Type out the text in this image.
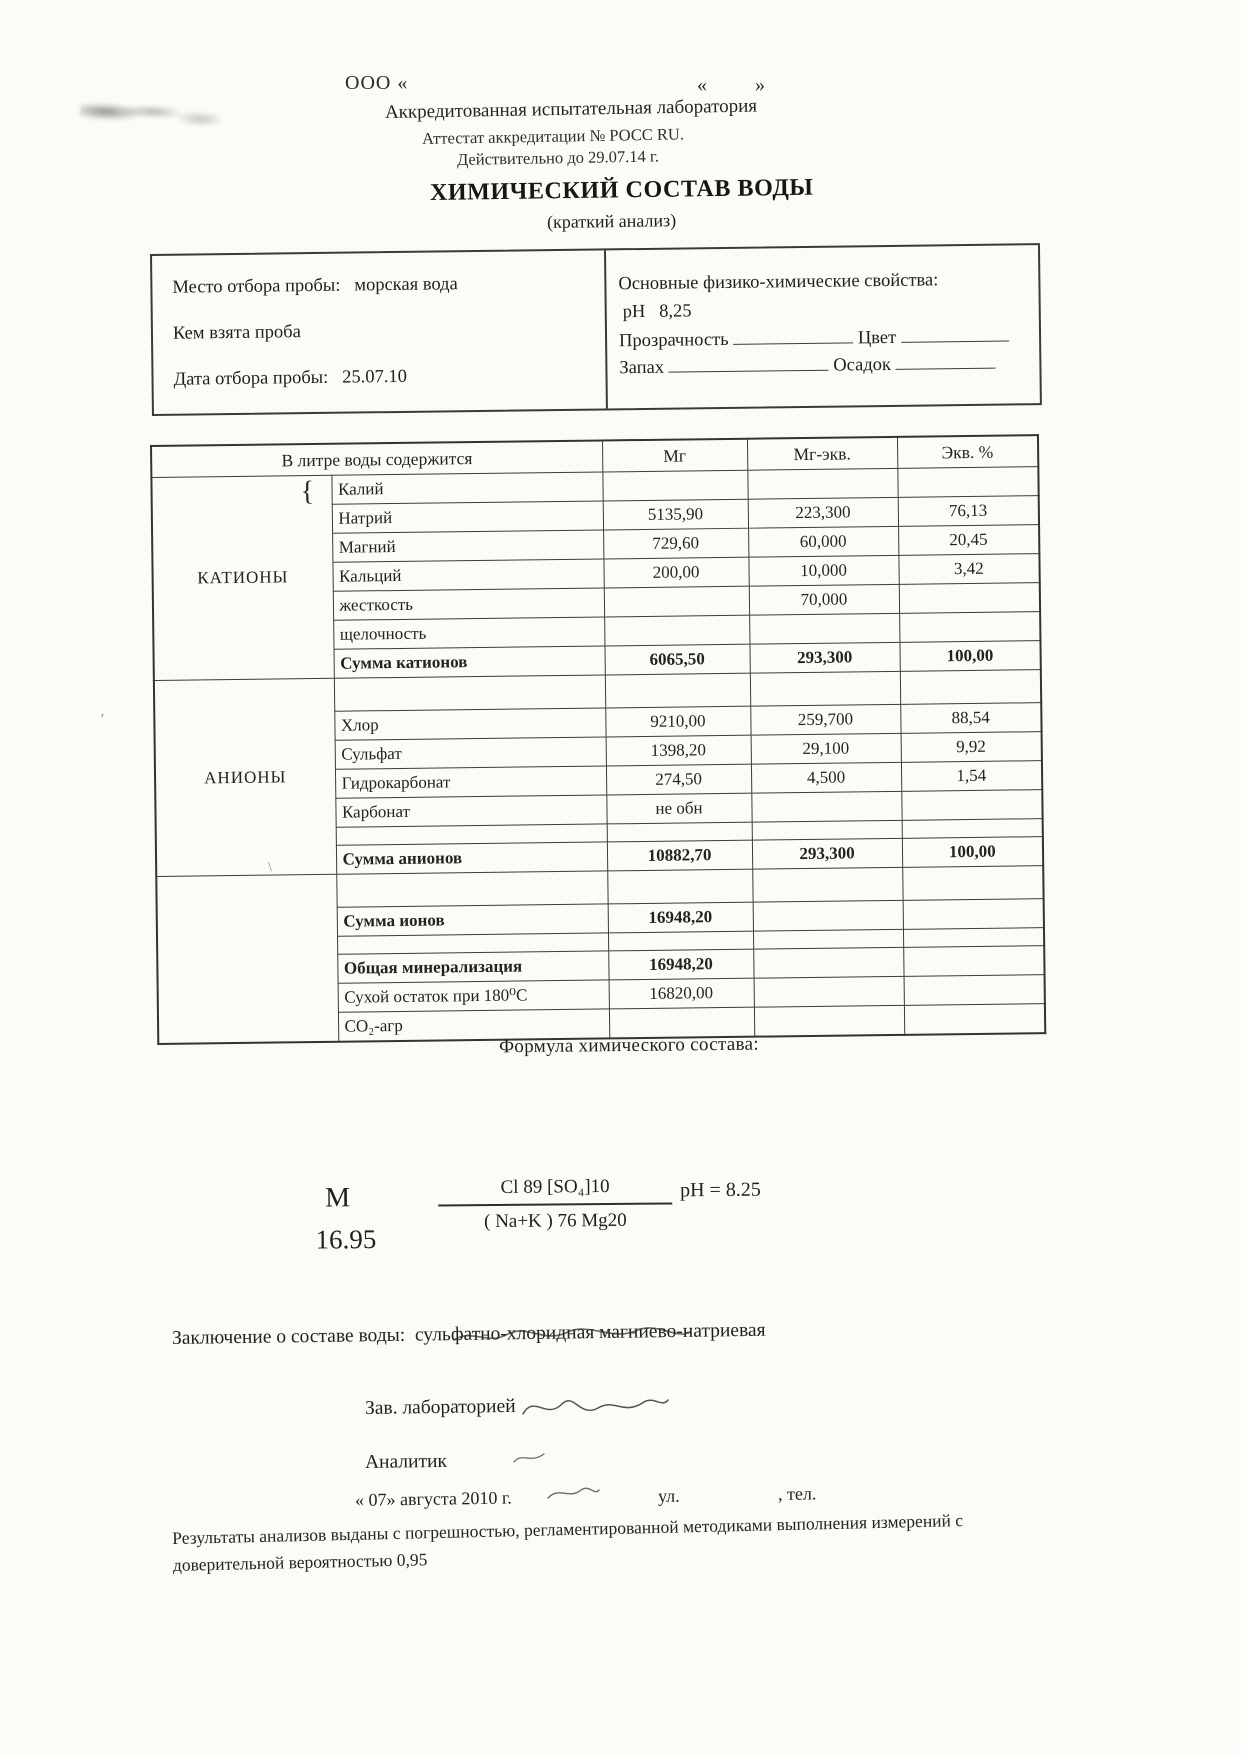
’
\
ООО «	« »
Аккредитованная испытательная лаборатория
Аттестат аккредитации № РОСС RU.
Действительно до 29.07.14 г.
ХИМИЧЕСКИЙ СОСТАВ ВОДЫ
(краткий анализ)
Место отбора пробы: морская вода
Кем взята проба
Дата отбора пробы: 25.07.10
Основные физико-химические свойства:
pH 8,25
Прозрачность	Цвет
Запах	Осадок
В литре воды содержится		Мг	Мг-экв.	Экв. %
КАТИОНЫ
{	Калий			
	Натрий	5135,90	223,300	76,13
	Магний	729,60	60,000	20,45
	Кальций	200,00	10,000	3,42
	жесткость		70,000	
	щелочность			
	Сумма катионов	6065,50	293,300	100,00
АНИОНЫ				
	Хлор	9210,00	259,700	88,54
	Сульфат	1398,20	29,100	9,92
	Гидрокарбонат	274,50	4,500	1,54
	Карбонат	не обн		

	Сумма анионов	10882,70	293,300	100,00

	Сумма ионов	16948,20		

	Общая минерализация	16948,20		
	Сухой остаток при 180⁰С	16820,00		
	CO₂-агр			
Формула химического состава:
M
16.95
$\frac{\text{Cl 89 [SO₄]10}}{( Na+K ) 76 Mg20}$ pH = 8.25
Заключение о составе воды: сульфатно-хлоридная магниево-натриевая
Зав. лабораторией
Аналитик
« 07» августа 2010 г.	ул.	, тел.
Результаты анализов выданы с погрешностью, регламентированной методиками выполнения измерений с
доверительной вероятностью 0,95
